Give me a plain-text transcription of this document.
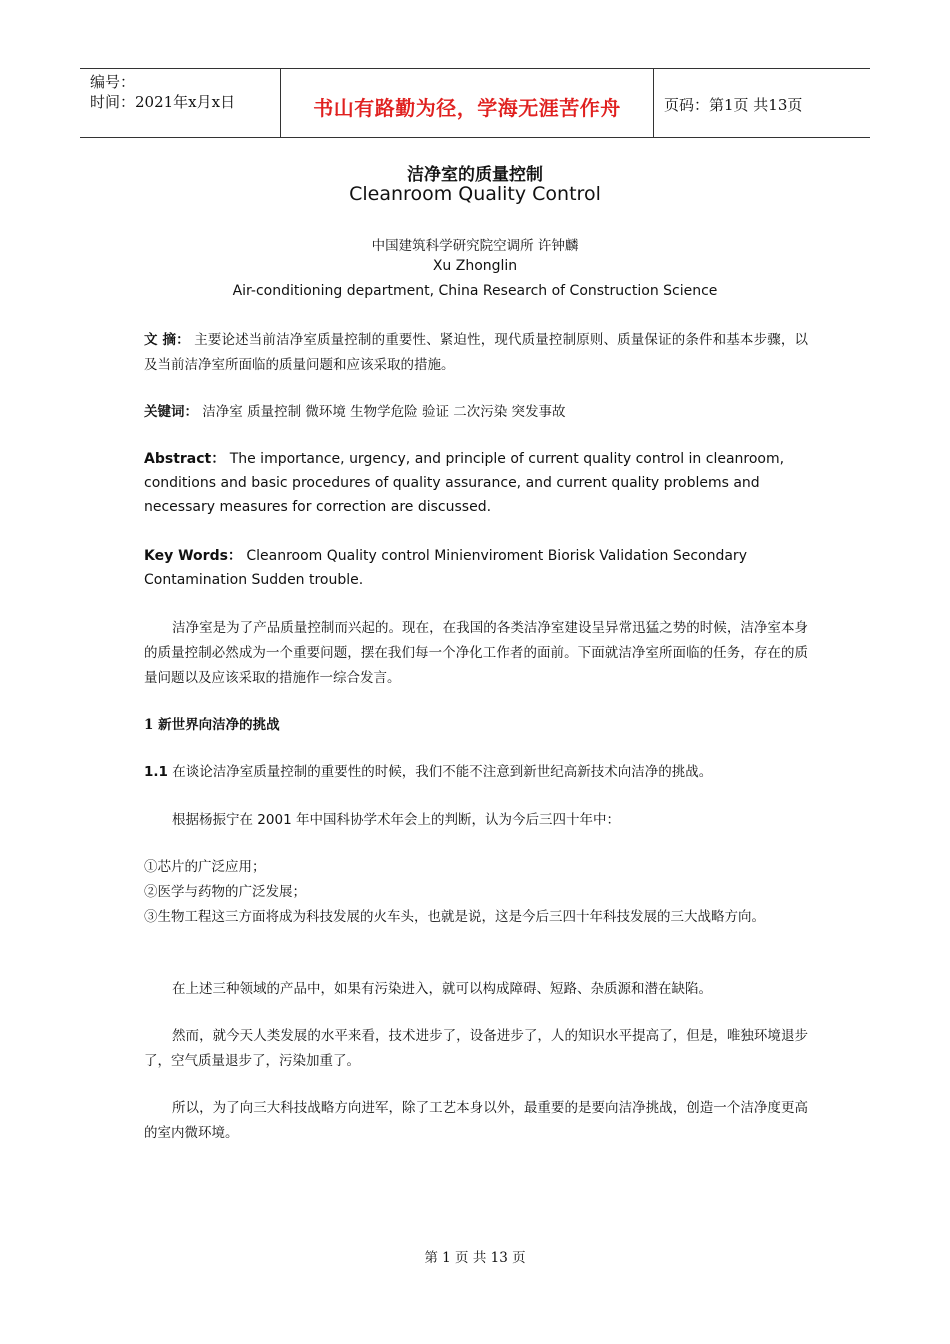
编号：
时间：2021年x月x日	书山有路勤为径，学海无涯苦作舟	页码：第1页 共13页
洁净室的质量控制
Cleanroom Quality Control
中国建筑科学研究院空调所 许钟麟
Xu Zhonglin
Air-conditioning department, China Research of Construction Science
文 摘： 主要论述当前洁净室质量控制的重要性、紧迫性，现代质量控制原则、质量保证的条件和基本步骤，以及当前洁净室所面临的质量问题和应该采取的措施。
关键词： 洁净室 质量控制 微环境 生物学危险 验证 二次污染 突发事故
Abstract： The importance, urgency, and principle of current quality control in cleanroom, conditions and basic procedures of quality assurance, and current quality problems and necessary measures for correction are discussed.
Key Words： Cleanroom Quality control Minienviroment Biorisk Validation Secondary Contamination Sudden trouble.
洁净室是为了产品质量控制而兴起的。现在，在我国的各类洁净室建设呈异常迅猛之势的时候，洁净室本身的质量控制必然成为一个重要问题，摆在我们每一个净化工作者的面前。下面就洁净室所面临的任务，存在的质量问题以及应该采取的措施作一综合发言。
1 新世界向洁净的挑战
1.1 在谈论洁净室质量控制的重要性的时候，我们不能不注意到新世纪高新技术向洁净的挑战。
根据杨振宁在 2001 年中国科协学术年会上的判断，认为今后三四十年中：
①芯片的广泛应用；
②医学与药物的广泛发展；
③生物工程这三方面将成为科技发展的火车头，也就是说，这是今后三四十年科技发展的三大战略方向。
在上述三种领域的产品中，如果有污染进入，就可以构成障碍、短路、杂质源和潜在缺陷。
然而，就今天人类发展的水平来看，技术进步了，设备进步了，人的知识水平提高了，但是，唯独环境退步了，空气质量退步了，污染加重了。
所以，为了向三大科技战略方向进军，除了工艺本身以外，最重要的是要向洁净挑战，创造一个洁净度更高的室内微环境。
第 1 页 共 13 页
